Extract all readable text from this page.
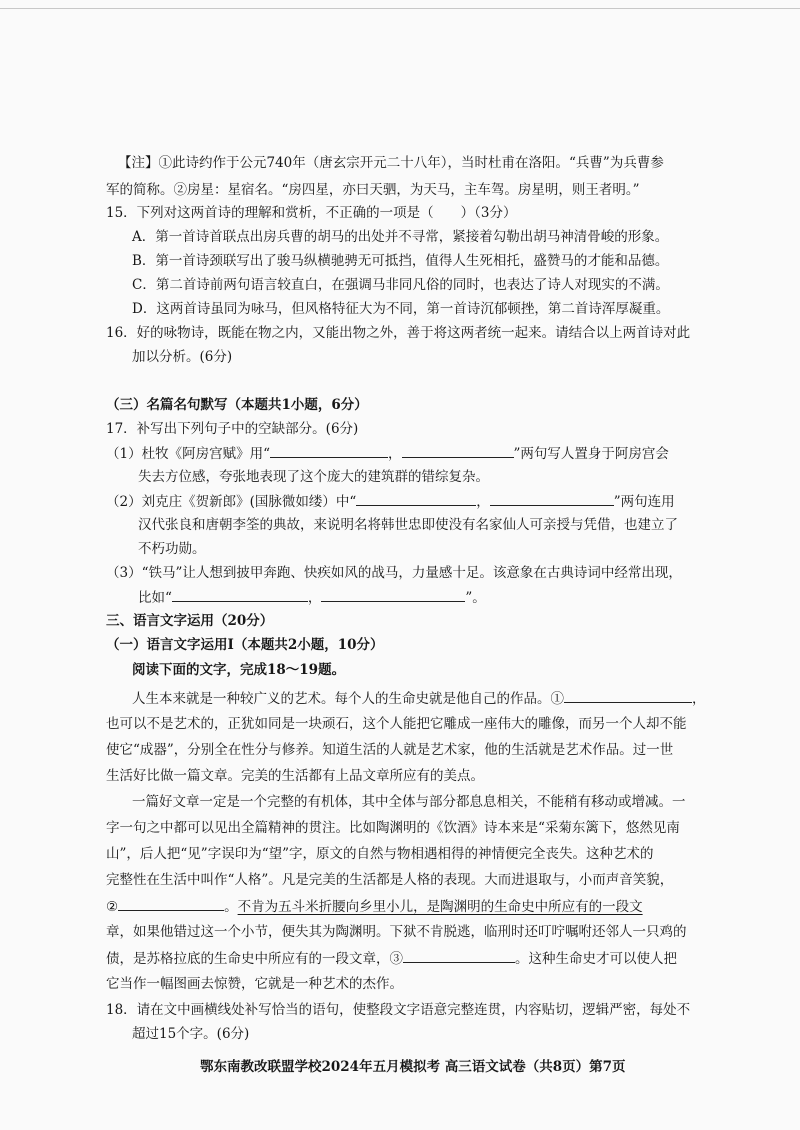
【注】①此诗约作于公元740年（唐玄宗开元二十八年），当时杜甫在洛阳。“兵曹”为兵曹参
军的简称。②房星：星宿名。“房四星，亦曰天驷，为天马，主车驾。房星明，则王者明。”
15．下列对这两首诗的理解和赏析，不正确的一项是（　　）（3分）
A．第一首诗首联点出房兵曹的胡马的出处并不寻常，紧接着勾勒出胡马神清骨峻的形象。
B．第一首诗颈联写出了骏马纵横驰骋无可抵挡，值得人生死相托，盛赞马的才能和品德。
C．第二首诗前两句语言较直白，在强调马非同凡俗的同时，也表达了诗人对现实的不满。
D．这两首诗虽同为咏马，但风格特征大为不同，第一首诗沉郁顿挫，第二首诗浑厚凝重。
16．好的咏物诗，既能在物之内，又能出物之外，善于将这两者统一起来。请结合以上两首诗对此
加以分析。(6分)
（三）名篇名句默写（本题共1小题，6分）
17．补写出下列句子中的空缺部分。(6分)
（1）杜牧《阿房宫赋》用“	，	”两句写人置身于阿房宫会
失去方位感，夸张地表现了这个庞大的建筑群的错综复杂。
（2）刘克庄《贺新郎》(国脉微如缕）中“	，	”两句连用
汉代张良和唐朝李筌的典故，来说明名将韩世忠即使没有名家仙人可亲授与凭借，也建立了
不朽功勋。
（3）“铁马”让人想到披甲奔跑、快疾如风的战马，力量感十足。该意象在古典诗词中经常出现，
比如“	，	”。
三、语言文字运用（20分）
（一）语言文字运用Ⅰ（本题共2小题，10分）
阅读下面的文字，完成18～19题。
人生本来就是一种较广义的艺术。每个人的生命史就是他自己的作品。①	，
也可以不是艺术的，正犹如同是一块顽石，这个人能把它雕成一座伟大的雕像，而另一个人却不能
使它“成器”，分别全在性分与修养。知道生活的人就是艺术家，他的生活就是艺术作品。过一世
生活好比做一篇文章。完美的生活都有上品文章所应有的美点。
一篇好文章一定是一个完整的有机体，其中全体与部分都息息相关，不能稍有移动或增减。一
字一句之中都可以见出全篇精神的贯注。比如陶渊明的《饮酒》诗本来是“采菊东篱下，悠然见南
山”，后人把“见”字误印为“望”字，原文的自然与物相遇相得的神情便完全丧失。这种艺术的
完整性在生活中叫作“人格”。凡是完美的生活都是人格的表现。大而进退取与，小而声音笑貌，
②	。不肯为五斗米折腰向乡里小儿，是陶渊明的生命史中所应有的一段文
章，如果他错过这一个小节，便失其为陶渊明。下狱不肯脱逃，临刑时还叮咛嘱咐还邻人一只鸡的
债，是苏格拉底的生命史中所应有的一段文章，③	。这种生命史才可以使人把
它当作一幅图画去惊赞，它就是一种艺术的杰作。
18．请在文中画横线处补写恰当的语句，使整段文字语意完整连贯，内容贴切，逻辑严密，每处不
超过15个字。(6分)
鄂东南教改联盟学校2024年五月模拟考 高三语文试卷（共8页）第7页
